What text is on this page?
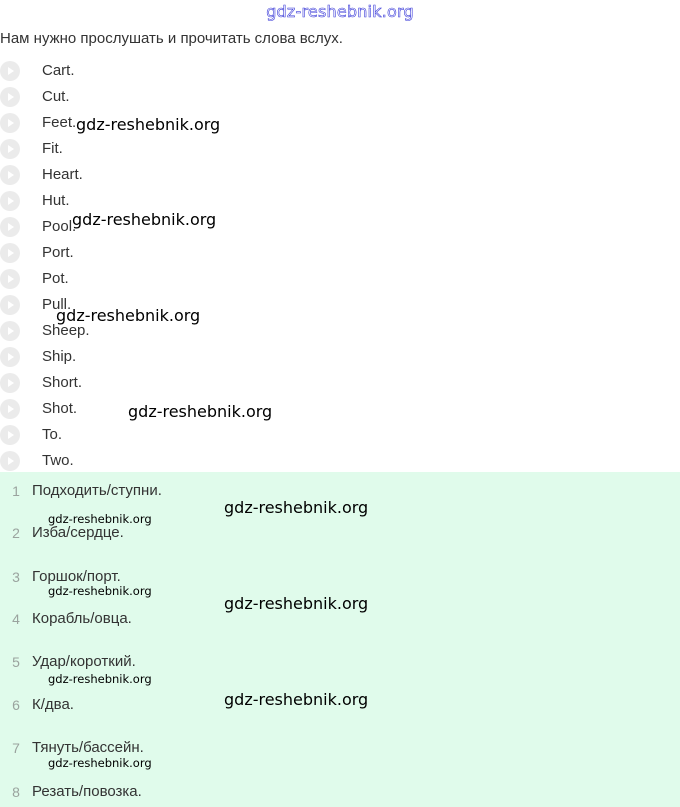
gdz-reshebnik.org
Нам нужно прослушать и прочитать слова вслух.
Cart.
Cut.
Feet.
Fit.
Heart.
Hut.
Pool.
Port.
Pot.
Pull.
Sheep.
Ship.
Short.
Shot.
To.
Two.
1 Подходить/ступни.
2 Изба/сердце.
3 Горшок/порт.
4 Корабль/овца.
5 Удар/короткий.
6 К/два.
7 Тянуть/бассейн.
8 Резать/повозка.
gdz-reshebnik.org
gdz-reshebnik.org
gdz-reshebnik.org
gdz-reshebnik.org
gdz-reshebnik.org
gdz-reshebnik.org
gdz-reshebnik.org
gdz-reshebnik.org
gdz-reshebnik.org
gdz-reshebnik.org
gdz-reshebnik.org
